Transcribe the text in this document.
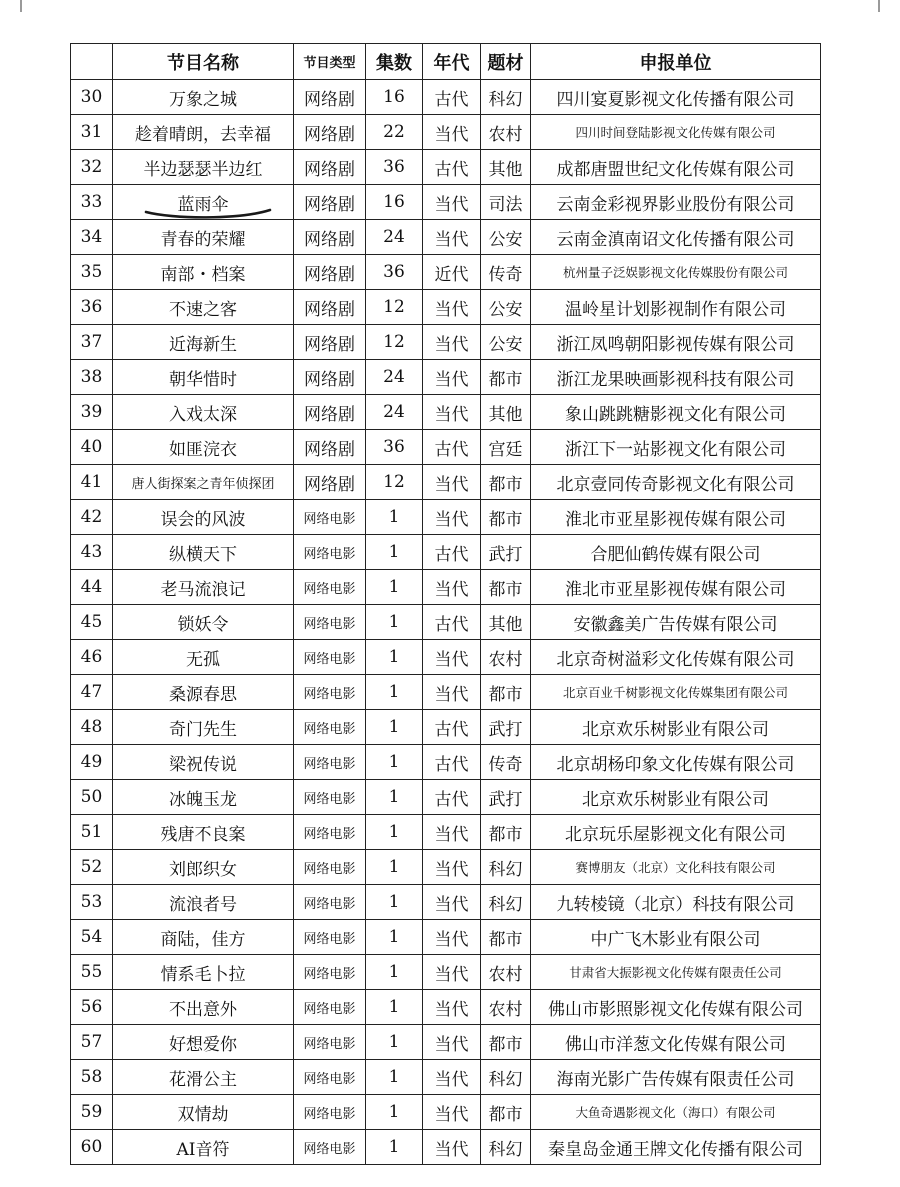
	节目名称	节目类型	集数	年代	题材	申报单位
30	万象之城	网络剧	16	古代	科幻	四川宴夏影视文化传播有限公司
31	趁着晴朗，去幸福	网络剧	22	当代	农村	四川时间登陆影视文化传媒有限公司
32	半边瑟瑟半边红	网络剧	36	古代	其他	成都唐盟世纪文化传媒有限公司
33	蓝雨伞	网络剧	16	当代	司法	云南金彩视界影业股份有限公司
34	青春的荣耀	网络剧	24	当代	公安	云南金滇南诏文化传播有限公司
35	南部・档案	网络剧	36	近代	传奇	杭州量子泛娱影视文化传媒股份有限公司
36	不速之客	网络剧	12	当代	公安	温岭星计划影视制作有限公司
37	近海新生	网络剧	12	当代	公安	浙江凤鸣朝阳影视传媒有限公司
38	朝华惜时	网络剧	24	当代	都市	浙江龙果映画影视科技有限公司
39	入戏太深	网络剧	24	当代	其他	象山跳跳糖影视文化有限公司
40	如匪浣衣	网络剧	36	古代	宫廷	浙江下一站影视文化有限公司
41	唐人街探案之青年侦探团	网络剧	12	当代	都市	北京壹同传奇影视文化有限公司
42	误会的风波	网络电影	1	当代	都市	淮北市亚星影视传媒有限公司
43	纵横天下	网络电影	1	古代	武打	合肥仙鹤传媒有限公司
44	老马流浪记	网络电影	1	当代	都市	淮北市亚星影视传媒有限公司
45	锁妖令	网络电影	1	古代	其他	安徽鑫美广告传媒有限公司
46	无孤	网络电影	1	当代	农村	北京奇树溢彩文化传媒有限公司
47	桑源春思	网络电影	1	当代	都市	北京百业千树影视文化传媒集团有限公司
48	奇门先生	网络电影	1	古代	武打	北京欢乐树影业有限公司
49	梁祝传说	网络电影	1	古代	传奇	北京胡杨印象文化传媒有限公司
50	冰魄玉龙	网络电影	1	古代	武打	北京欢乐树影业有限公司
51	残唐不良案	网络电影	1	当代	都市	北京玩乐屋影视文化有限公司
52	刘郎织女	网络电影	1	当代	科幻	赛博朋友（北京）文化科技有限公司
53	流浪者号	网络电影	1	当代	科幻	九转棱镜（北京）科技有限公司
54	商陆，佳方	网络电影	1	当代	都市	中广飞木影业有限公司
55	情系毛卜拉	网络电影	1	当代	农村	甘肃省大振影视文化传媒有限责任公司
56	不出意外	网络电影	1	当代	农村	佛山市影照影视文化传媒有限公司
57	好想爱你	网络电影	1	当代	都市	佛山市洋葱文化传媒有限公司
58	花滑公主	网络电影	1	当代	科幻	海南光影广告传媒有限责任公司
59	双情劫	网络电影	1	当代	都市	大鱼奇遇影视文化（海口）有限公司
60	AI音符	网络电影	1	当代	科幻	秦皇岛金通王牌文化传播有限公司
